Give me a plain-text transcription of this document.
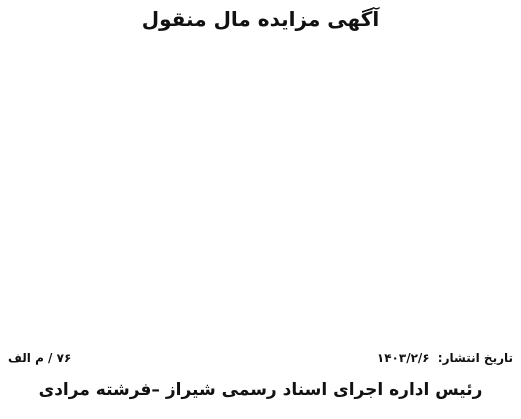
آگهی مزایده مال منقول
تاریخ انتشار: ۱۴۰۳/۲/۶
۷۶ / م الف
رئیس اداره اجرای اسناد رسمی شیراز –فرشته مرادی
